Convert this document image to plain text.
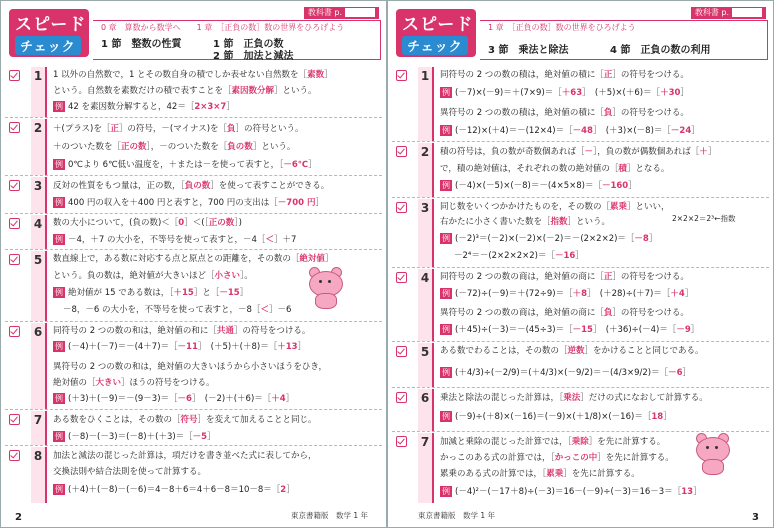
スピード
チェック
教科書 p.
0 章　算数から数学へ　　1 章　［正負の数］数の世界をひろげよう
1 節　整数の性質	1 節　正負の数
2 節　加法と減法
1	1 以外の自然数で，1 とその数自身の積でしか表せない自然数を［素数］
という。自然数を素数だけの積で表すことを［素因数分解］という。
例 42 を素因数分解すると，42＝［2×3×7］
2	＋(プラス)を［正］の符号，－(マイナス)を［負］の符号という。
＋のついた数を［正の数］，－のついた数を［負の数］という。
例 0℃より 6℃低い温度を，＋または－を使って表すと，［－6℃］
3	反対の性質をもつ量は，正の数，［負の数］を使って表すことができる。
例 400 円の収入を＋400 円と表すと，700 円の支出は［－700 円］
4	数の大小について，(負の数)＜［0］＜(［正の数］)
例 －4，＋7 の大小を，不等号を使って表すと，－4［＜］＋7
5	数直線上で，ある数に対応する点と原点との距離を，その数の［絶対値］
という。負の数は，絶対値が大きいほど［小さい］。
例 絶対値が 15 である数は，［＋15］と［－15］
－8，－6 の大小を，不等号を使って表すと，－8［＜］－6
6	同符号の 2 つの数の和は，絶対値の和に［共通］の符号をつける。
例 (－4)＋(－7)＝－(4＋7)＝［－11］　(＋5)＋(＋8)＝［＋13］
異符号の 2 つの数の和は，絶対値の大きいほうから小さいほうをひき，
絶対値の［大きい］ほうの符号をつける。
例 (＋3)＋(－9)＝－(9－3)＝［－6］　(－2)＋(＋6)＝［＋4］
7	ある数をひくことは，その数の［符号］を変えて加えることと同じ。
例 (－8)－(－3)＝(－8)＋(＋3)＝［－5］
8	加法と減法の混じった計算は，項だけを書き並べた式に表してから，
交換法則や結合法則を使って計算する。
例 (＋4)＋(－8)－(－6)＝4－8＋6＝4＋6－8＝10－8＝［2］
2	東京書籍版　数学 1 年
スピード
チェック
教科書 p.
1 章　［正負の数］数の世界をひろげよう
3 節　乗法と除法	4 節　正負の数の利用
1	同符号の 2 つの数の積は，絶対値の積に［正］の符号をつける。
例 (－7)×(－9)＝＋(7×9)＝［＋63］　(＋5)×(＋6)＝［＋30］
異符号の 2 つの数の積は，絶対値の積に［負］の符号をつける。
例 (－12)×(＋4)＝－(12×4)＝［－48］　(＋3)×(－8)＝［－24］
2	積の符号は，負の数が奇数個あれば［－］，負の数が偶数個あれば［＋］
で，積の絶対値は，それぞれの数の絶対値の［積］となる。
例 (－4)×(－5)×(－8)＝－(4×5×8)＝［－160］
3	同じ数をいくつかかけたものを，その数の［累乗］といい，
右かたに小さく書いた数を［指数］という。	2×2×2＝2³←指数
例 (－2)³＝(－2)×(－2)×(－2)＝－(2×2×2)＝［－8］
－2⁴＝－(2×2×2×2)＝［－16］
4	同符号の 2 つの数の商は，絶対値の商に［正］の符号をつける。
例 (－72)÷(－9)＝＋(72÷9)＝［＋8］　(＋28)÷(＋7)＝［＋4］
異符号の 2 つの数の商は，絶対値の商に［負］の符号をつける。
例 (＋45)÷(－3)＝－(45÷3)＝［－15］　(＋36)÷(－4)＝［－9］
5	ある数でわることは，その数の［逆数］をかけることと同じである。
例 (＋4/3)÷(－2/9)＝(＋4/3)×(－9/2)＝－(4/3×9/2)＝［－6］
6	乗法と除法の混じった計算は，［乗法］だけの式になおして計算する。
例 (－9)÷(＋8)×(－16)＝(－9)×(＋1/8)×(－16)＝［18］
7	加減と乗除の混じった計算では，［乗除］を先に計算する。
かっこのある式の計算では，［かっこの中］を先に計算する。
累乗のある式の計算では，［累乗］を先に計算する。
例 (－4)²－(－17＋8)÷(－3)＝16－(－9)÷(－3)＝16－3＝［13］
東京書籍版　数学 1 年	3
